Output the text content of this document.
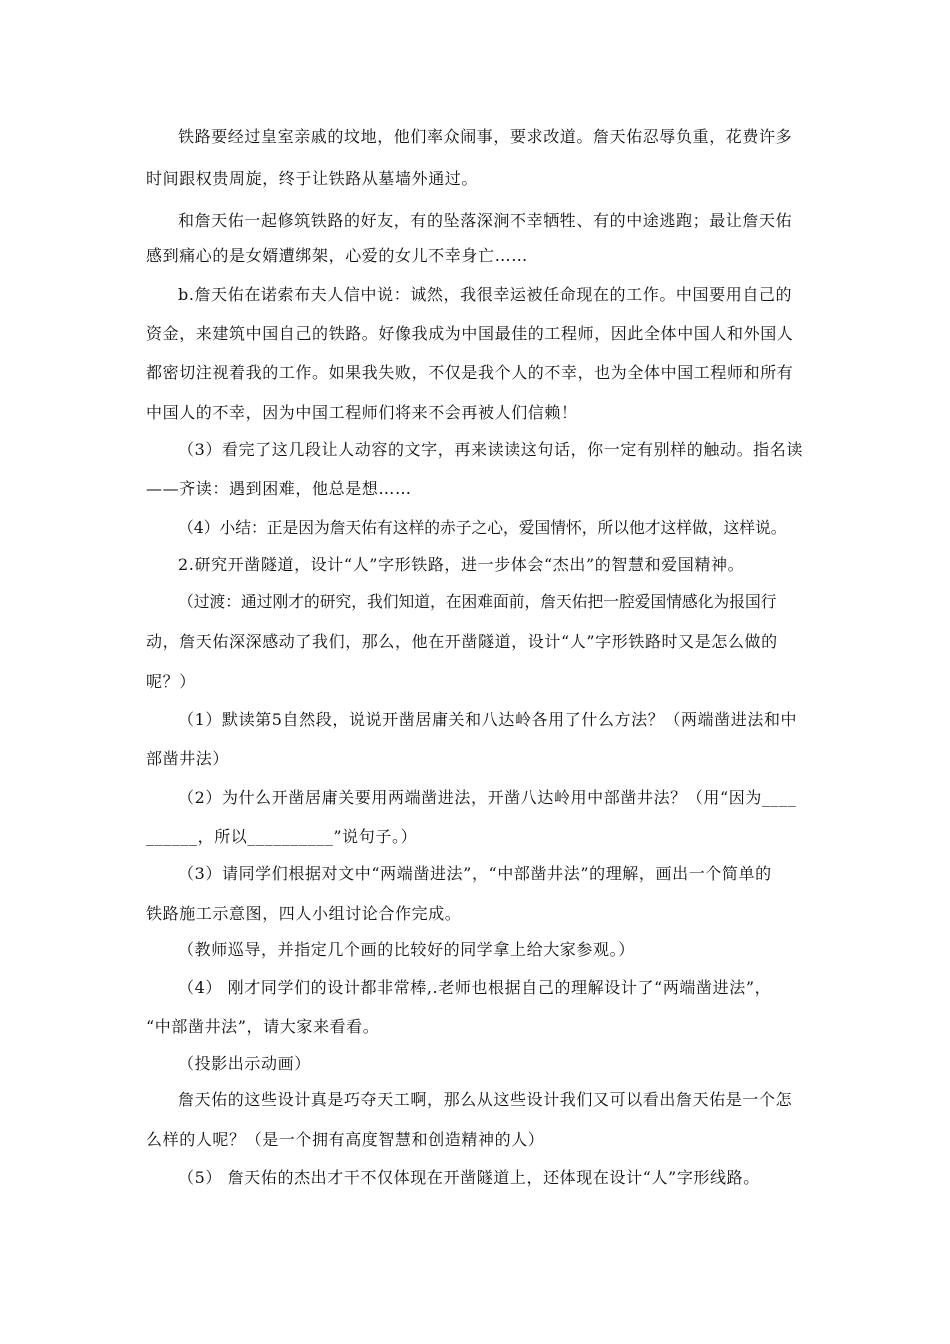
铁路要经过皇室亲戚的坟地，他们率众闹事，要求改道。詹天佑忍辱负重，花费许多
时间跟权贵周旋，终于让铁路从墓墙外通过。
和詹天佑一起修筑铁路的好友，有的坠落深涧不幸牺牲、有的中途逃跑；最让詹天佑
感到痛心的是女婿遭绑架，心爱的女儿不幸身亡……
b.詹天佑在诺索布夫人信中说：诚然，我很幸运被任命现在的工作。中国要用自己的
资金，来建筑中国自己的铁路。好像我成为中国最佳的工程师，因此全体中国人和外国人
都密切注视着我的工作。如果我失败，不仅是我个人的不幸，也为全体中国工程师和所有
中国人的不幸，因为中国工程师们将来不会再被人们信赖！
（3）看完了这几段让人动容的文字，再来读读这句话，你一定有别样的触动。指名读
——齐读：遇到困难，他总是想……
（4）小结：正是因为詹天佑有这样的赤子之心，爱国情怀，所以他才这样做，这样说。
2.研究开凿隧道，设计“人”字形铁路，进一步体会“杰出”的智慧和爱国精神。
（过渡：通过刚才的研究，我们知道，在困难面前，詹天佑把一腔爱国情感化为报国行
动，詹天佑深深感动了我们，那么，他在开凿隧道，设计“人”字形铁路时又是怎么做的
呢？）
（1）默读第5自然段，说说开凿居庸关和八达岭各用了什么方法？（两端凿进法和中
部凿井法）
（2）为什么开凿居庸关要用两端凿进法，开凿八达岭用中部凿井法？（用“因为____
______，所以__________”说句子。）
（3）请同学们根据对文中“两端凿进法”，“中部凿井法”的理解，画出一个简单的
铁路施工示意图，四人小组讨论合作完成。
（教师巡导，并指定几个画的比较好的同学拿上给大家参观。）
（4） 刚才同学们的设计都非常棒,.老师也根据自己的理解设计了“两端凿进法”，
“中部凿井法”，请大家来看看。
（投影出示动画）
詹天佑的这些设计真是巧夺天工啊，那么从这些设计我们又可以看出詹天佑是一个怎
么样的人呢？（是一个拥有高度智慧和创造精神的人）
（5） 詹天佑的杰出才干不仅体现在开凿隧道上，还体现在设计“人”字形线路。
